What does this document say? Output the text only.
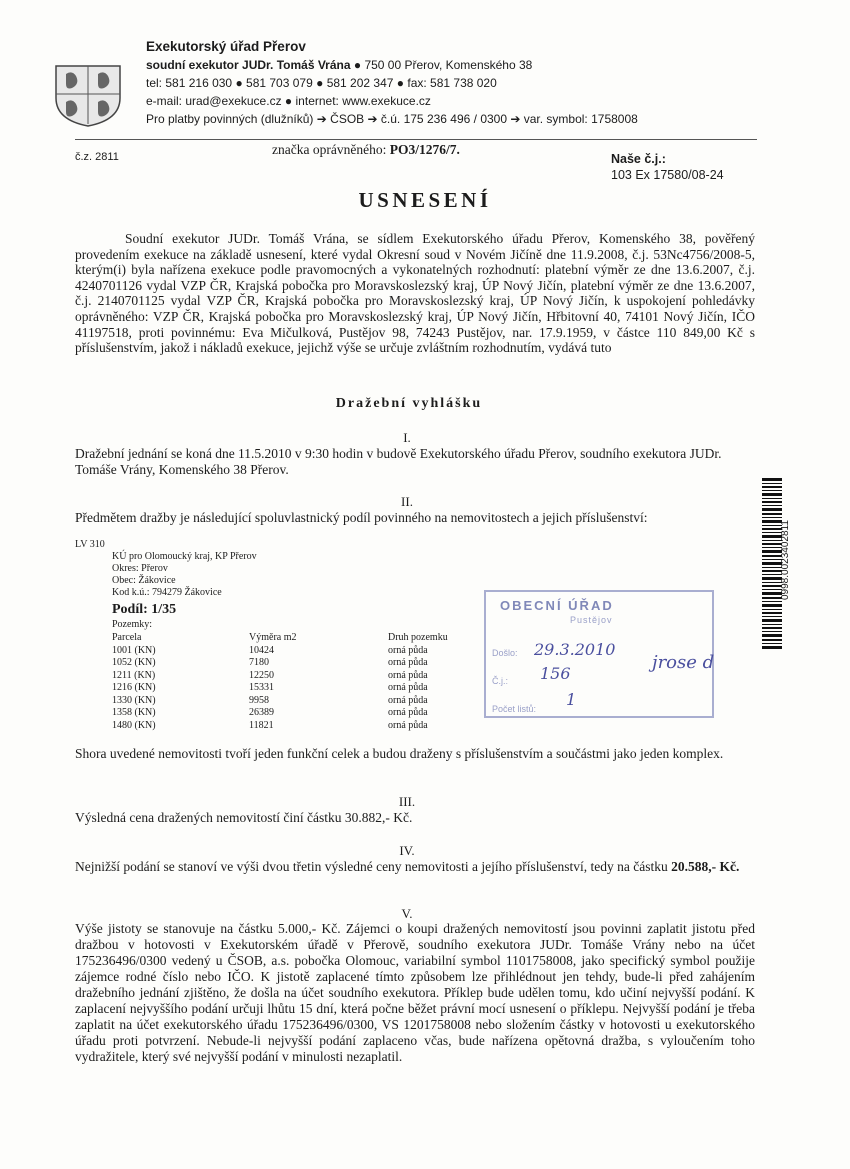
Exekutorský úřad Přerov
soudní exekutor JUDr. Tomáš Vrána ● 750 00 Přerov, Komenského 38
tel: 581 216 030 ● 581 703 079 ● 581 202 347 ● fax: 581 738 020
e-mail: urad@exekuce.cz ● internet: www.exekuce.cz
Pro platby povinných (dlužníků) ➔ ČSOB ➔ č.ú. 175 236 496 / 0300 ➔ var. symbol: 1758008
č.z. 2811	značka oprávněného: PO3/1276/7.
Naše č.j.:
103 Ex 17580/08-24
USNESENÍ
Soudní exekutor JUDr. Tomáš Vrána, se sídlem Exekutorského úřadu Přerov, Komenského 38, pověřený provedením exekuce na základě usnesení, které vydal Okresní soud v Novém Jičíně dne 11.9.2008, č.j. 53Nc4756/2008-5, kterým(i) byla nařízena exekuce podle pravomocných a vykonatelných rozhodnutí: platební výměr ze dne 13.6.2007, č.j. 4240701126 vydal VZP ČR, Krajská pobočka pro Moravskoslezský kraj, ÚP Nový Jičín, platební výměr ze dne 13.6.2007, č.j. 2140701125 vydal VZP ČR, Krajská pobočka pro Moravskoslezský kraj, ÚP Nový Jičín, k uspokojení pohledávky oprávněného: VZP ČR, Krajská pobočka pro Moravskoslezský kraj, ÚP Nový Jičín, Hřbitovní 40, 74101 Nový Jičín, IČO 41197518, proti povinnému: Eva Mičulková, Pustějov 98, 74243 Pustějov, nar. 17.9.1959, v částce 110 849,00 Kč s příslušenstvím, jakož i nákladů exekuce, jejichž výše se určuje zvláštním rozhodnutím, vydává tuto
Dražební vyhlášku
I.
Dražební jednání se koná dne 11.5.2010 v 9:30 hodin v budově Exekutorského úřadu Přerov, soudního exekutora JUDr. Tomáše Vrány, Komenského 38 Přerov.
II.
Předmětem dražby je následující spoluvlastnický podíl povinného na nemovitostech a jejich příslušenství:
LV 310
KÚ pro Olomoucký kraj, KP Přerov
Okres: Přerov
Obec: Žákovice
Kod k.ú.: 794279 Žákovice
Podíl: 1/35
Pozemky:
Parcela	Výměra m2	Druh pozemku
1001 (KN)	10424	orná půda
1052 (KN)	7180	orná půda
1211 (KN)	12250	orná půda
1216 (KN)	15331	orná půda
1330 (KN)	9958	orná půda
1358 (KN)	26389	orná půda
1480 (KN)	11821	orná půda
OBECNÍ ÚŘAD
Pustějov
Došlo: 29.3.2010
Č.j.: 156
Počet listů: 1
jrose d
0998.0023402811
Shora uvedené nemovitosti tvoří jeden funkční celek a budou draženy s příslušenstvím a součástmi jako jeden komplex.
III.
Výsledná cena dražených nemovitostí činí částku 30.882,- Kč.
IV.
Nejnižší podání se stanoví ve výši dvou třetin výsledné ceny nemovitosti a jejího příslušenství, tedy na částku 20.588,- Kč.
V.
Výše jistoty se stanovuje na částku 5.000,- Kč. Zájemci o koupi dražených nemovitostí jsou povinni zaplatit jistotu před dražbou v hotovosti v Exekutorském úřadě v Přerově, soudního exekutora JUDr. Tomáše Vrány nebo na účet 175236496/0300 vedený u ČSOB, a.s. pobočka Olomouc, variabilní symbol 1101758008, jako specifický symbol použije zájemce rodné číslo nebo IČO. K jistotě zaplacené tímto způsobem lze přihlédnout jen tehdy, bude-li před zahájením dražebního jednání zjištěno, že došla na účet soudního exekutora. Příklep bude udělen tomu, kdo učiní nejvyšší podání. K zaplacení nejvyššího podání určuji lhůtu 15 dní, která počne běžet právní mocí usnesení o příklepu. Nejvyšší podání je třeba zaplatit na účet exekutorského úřadu 175236496/0300, VS 1201758008 nebo složením částky v hotovosti u exekutorského úřadu proti potvrzení. Nebude-li nejvyšší podání zaplaceno včas, bude nařízena opětovná dražba, s vyloučením toho vydražitele, který své nejvyšší podání v minulosti nezaplatil.
